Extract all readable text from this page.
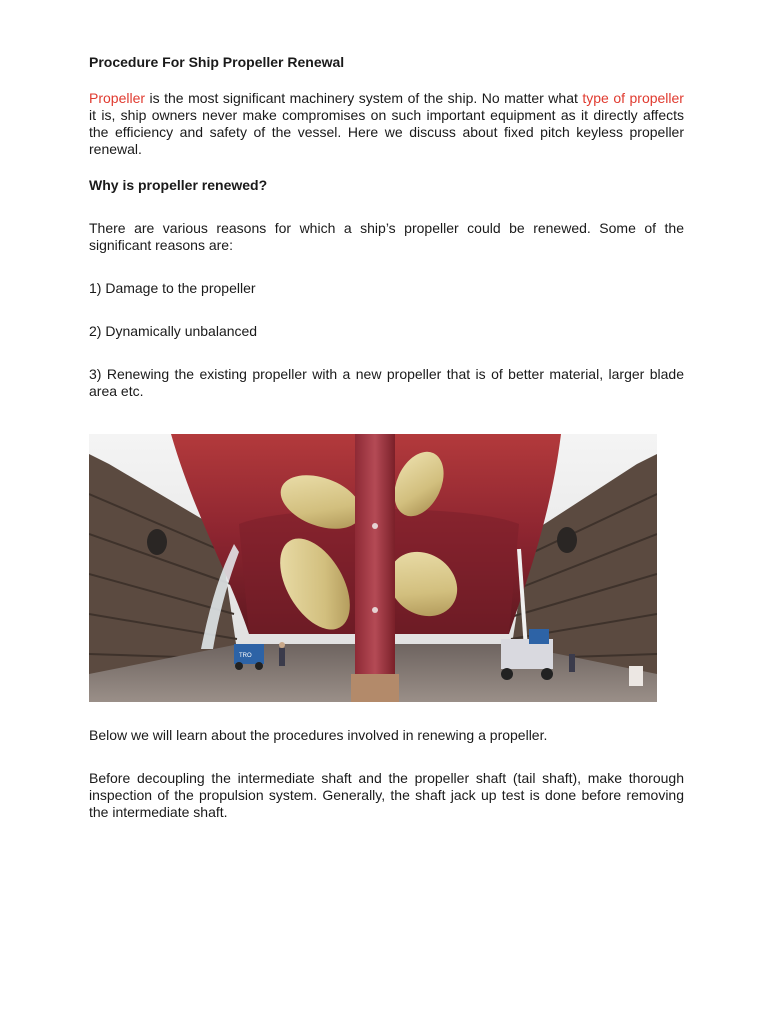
Procedure For Ship Propeller Renewal

Propeller is the most significant machinery system of the ship. No matter what type of propeller it is, ship owners never make compromises on such important equipment as it directly affects the efficiency and safety of the vessel. Here we discuss about fixed pitch keyless propeller renewal.

Why is propeller renewed?

There are various reasons for which a ship’s propeller could be renewed. Some of the significant reasons are:

1) Damage to the propeller

2) Dynamically unbalanced

3) Renewing the existing propeller with a new propeller that is of better material, larger blade area etc.

TRO

Below we will learn about the procedures involved in renewing a propeller.

Before decoupling the intermediate shaft and the propeller shaft (tail shaft), make thorough inspection of the propulsion system. Generally, the shaft jack up test is done before removing the intermediate shaft.
